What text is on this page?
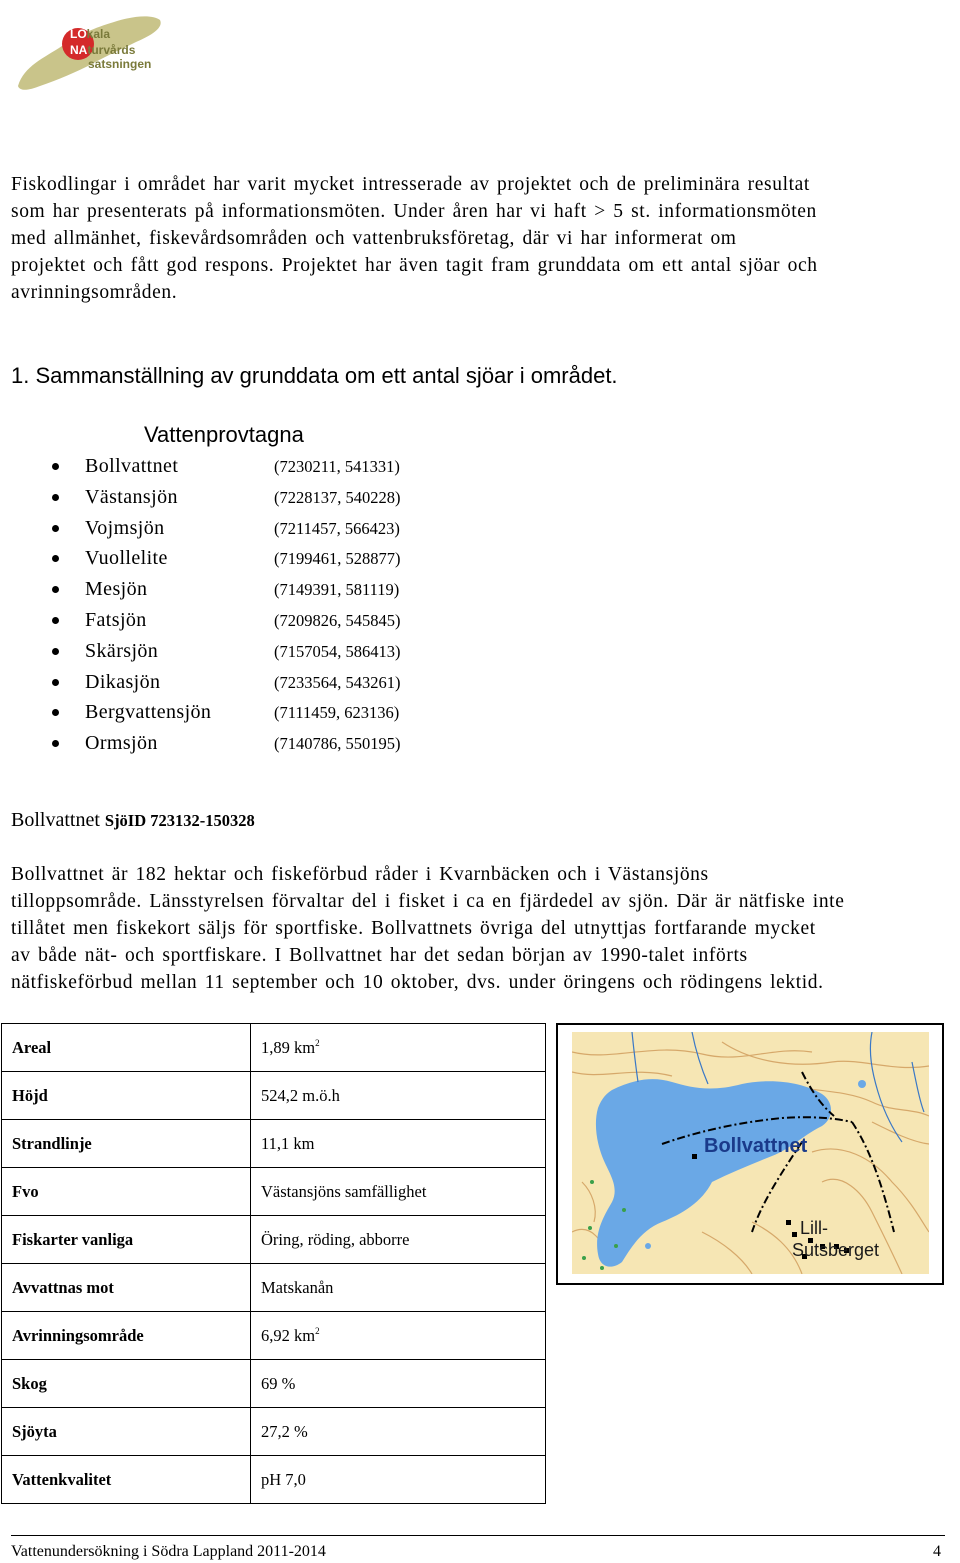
LOkala
NAturvårds
satsningen
Fiskodlingar i området har varit mycket intresserade av projektet och de preliminära resultat
som har presenterats på informationsmöten. Under åren har vi haft > 5 st. informationsmöten
med allmänhet, fiskevårdsområden och vattenbruksföretag, där vi har informerat om
projektet och fått god respons. Projektet har även tagit fram grunddata om ett antal sjöar och
avrinningsområden.
1. Sammanställning av grunddata om ett antal sjöar i området.
Vattenprovtagna
Bollvattnet	(7230211, 541331)
Västansjön	(7228137, 540228)
Vojmsjön	(7211457, 566423)
Vuollelite	(7199461, 528877)
Mesjön	(7149391, 581119)
Fatsjön	(7209826, 545845)
Skärsjön	(7157054, 586413)
Dikasjön	(7233564, 543261)
Bergvattensjön	(7111459, 623136)
Ormsjön	(7140786, 550195)
Bollvattnet SjöID 723132-150328
Bollvattnet är 182 hektar och fiskeförbud råder i Kvarnbäcken och i Västansjöns
tilloppsområde. Länsstyrelsen förvaltar del i fisket i ca en fjärdedel av sjön. Där är nätfiske inte
tillåtet men fiskekort säljs för sportfiske. Bollvattnets övriga del utnyttjas fortfarande mycket
av både nät- och sportfiskare. I Bollvattnet har det sedan början av 1990-talet införts
nätfiskeförbud mellan 11 september och 10 oktober, dvs. under öringens och rödingens lektid.
Areal	1,89 $km^2$
Höjd	524,2 m.ö.h
Strandlinje	11,1 km
Fvo	Västansjöns samfällighet
Fiskarter vanliga	Öring, röding, abborre
Avvattnas mot	Matskanån
Avrinningsområde	6,92 $km^2$
Skog	69 %
Sjöyta	27,2 %
Vattenkvalitet	pH 7,0
Bollvattnet
Lill-
Sutsberget
Vattenundersökning i Södra Lappland 2011-2014	4
